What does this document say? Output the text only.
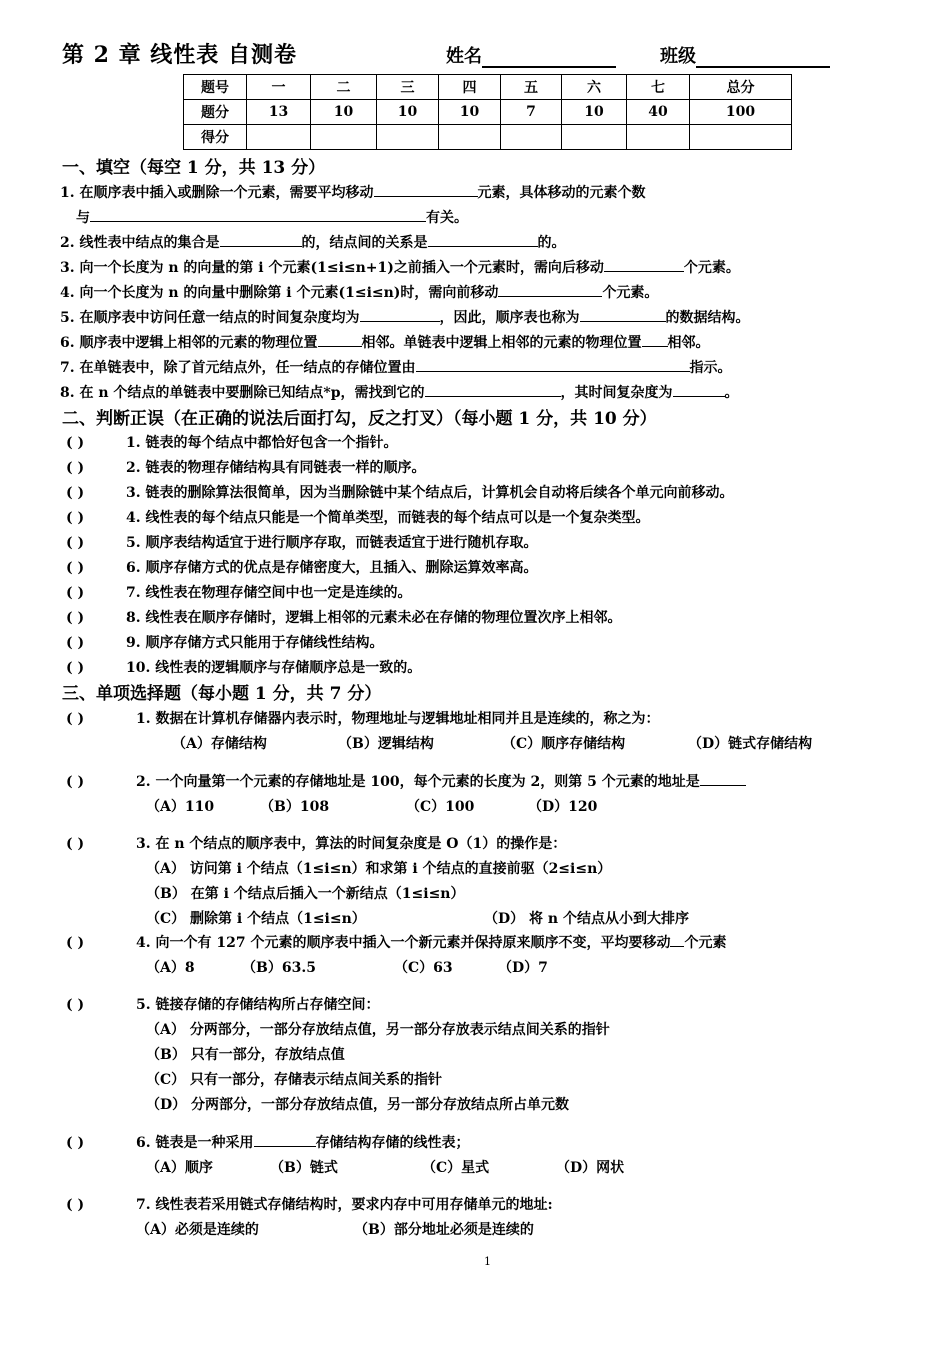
第 2 章 线性表 自测卷	姓名	班级
题号	一	二	三	四	五	六	七	总分
题分	13	10	10	10	7	10	40	100
得分								
一、填空（每空 1 分，共 13 分）
1. 在顺序表中插入或删除一个元素，需要平均移动	元素，具体移动的元素个数
与	有关。
2. 线性表中结点的集合是	的，结点间的关系是	的。
3. 向一个长度为 n 的向量的第 i 个元素(1≤i≤n+1)之前插入一个元素时，需向后移动	个元素。
4. 向一个长度为 n 的向量中删除第 i 个元素(1≤i≤n)时，需向前移动	个元素。
5. 在顺序表中访问任意一结点的时间复杂度均为	，因此，顺序表也称为	的数据结构。
6. 顺序表中逻辑上相邻的元素的物理位置	相邻。单链表中逻辑上相邻的元素的物理位置 相邻。
7. 在单链表中，除了首元结点外，任一结点的存储位置由	指示。
8. 在 n 个结点的单链表中要删除已知结点*p，需找到它的	，其时间复杂度为	。
二、判断正误（在正确的说法后面打勾，反之打叉）（每小题 1 分，共 10 分）
( )	1. 链表的每个结点中都恰好包含一个指针。
( )	2. 链表的物理存储结构具有同链表一样的顺序。
( )	3. 链表的删除算法很简单，因为当删除链中某个结点后，计算机会自动将后续各个单元向前移动。
( )	4. 线性表的每个结点只能是一个简单类型，而链表的每个结点可以是一个复杂类型。
( )	5. 顺序表结构适宜于进行顺序存取，而链表适宜于进行随机存取。
( )	6. 顺序存储方式的优点是存储密度大，且插入、删除运算效率高。
( )	7. 线性表在物理存储空间中也一定是连续的。
( )	8. 线性表在顺序存储时，逻辑上相邻的元素未必在存储的物理位置次序上相邻。
( )	9. 顺序存储方式只能用于存储线性结构。
( )	10. 线性表的逻辑顺序与存储顺序总是一致的。
三、单项选择题（每小题 1 分，共 7 分）
( )	1. 数据在计算机存储器内表示时，物理地址与逻辑地址相同并且是连续的，称之为：
（A）存储结构	（B）逻辑结构	（C）顺序存储结构	（D）链式存储结构
( )	2. 一个向量第一个元素的存储地址是 100，每个元素的长度为 2，则第 5 个元素的地址是
（A）110	（B）108	（C）100	（D）120
( )	3. 在 n 个结点的顺序表中，算法的时间复杂度是 O（1）的操作是：
（A） 访问第 i 个结点（1≤i≤n）和求第 i 个结点的直接前驱（2≤i≤n）
（B） 在第 i 个结点后插入一个新结点（1≤i≤n）
（C） 删除第 i 个结点（1≤i≤n）	（D） 将 n 个结点从小到大排序
( )	4. 向一个有 127 个元素的顺序表中插入一个新元素并保持原来顺序不变，平均要移动 个元素
（A）8	（B）63.5	（C）63	（D）7
( )	5. 链接存储的存储结构所占存储空间：
（A） 分两部分，一部分存放结点值，另一部分存放表示结点间关系的指针
（B） 只有一部分，存放结点值
（C） 只有一部分，存储表示结点间关系的指针
（D） 分两部分，一部分存放结点值，另一部分存放结点所占单元数
( )	6. 链表是一种采用	存储结构存储的线性表；
（A）顺序	（B）链式	（C）星式	（D）网状
( )	7. 线性表若采用链式存储结构时，要求内存中可用存储单元的地址:
（A）必须是连续的	（B）部分地址必须是连续的
1
